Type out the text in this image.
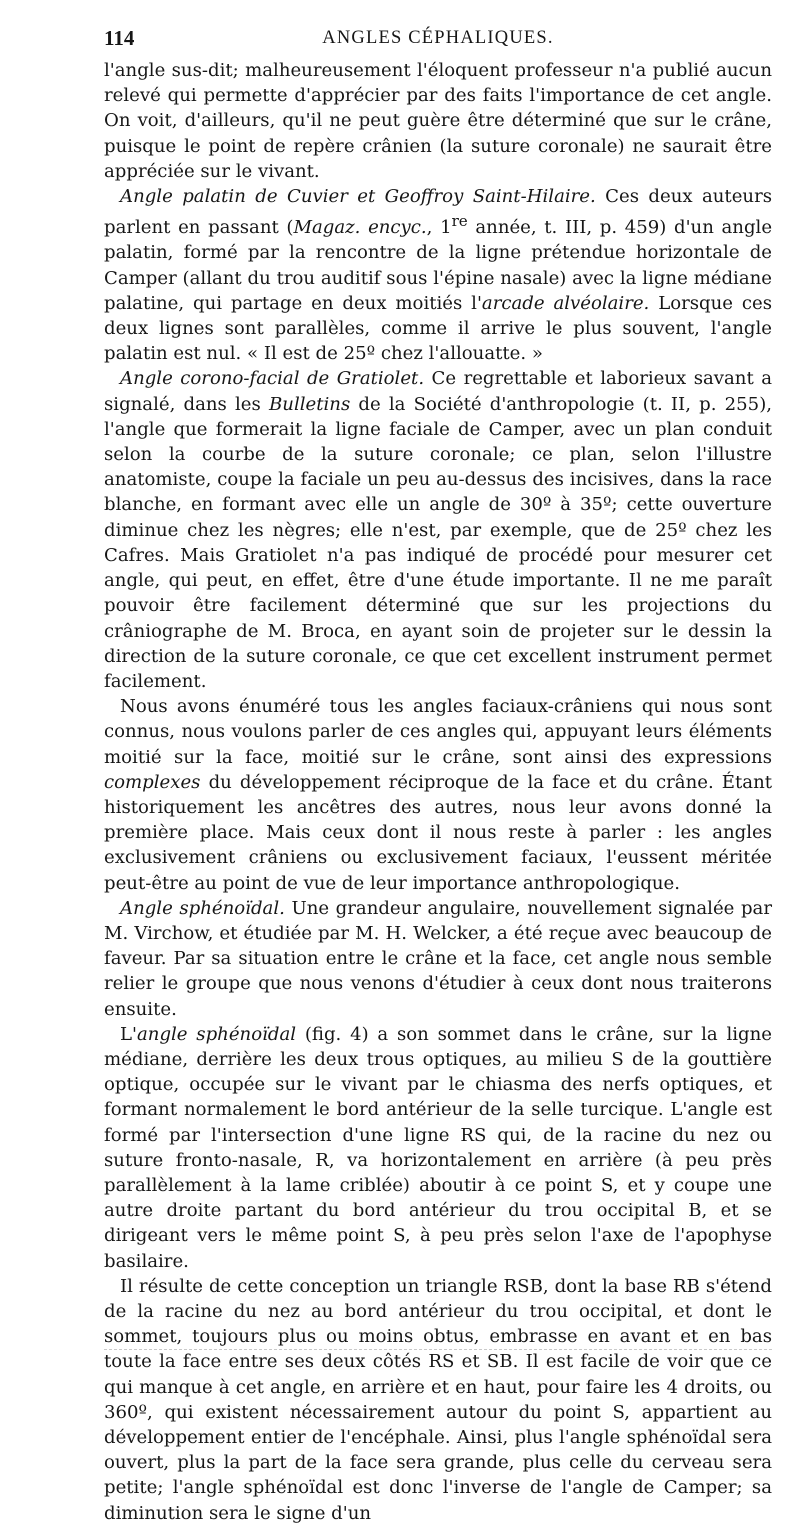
114	ANGLES CÉPHALIQUES.

l'angle sus-dit; malheureusement l'éloquent professeur n'a publié aucun relevé qui permette d'apprécier par des faits l'importance de cet angle. On voit, d'ailleurs, qu'il ne peut guère être déterminé que sur le crâne, puisque le point de repère crânien (la suture coronale) ne saurait être appréciée sur le vivant.

Angle palatin de Cuvier et Geoffroy Saint-Hilaire. Ces deux auteurs parlent en passant (Magaz. encyc., 1re année, t. III, p. 459) d'un angle palatin, formé par la rencontre de la ligne prétendue horizontale de Camper (allant du trou auditif sous l'épine nasale) avec la ligne médiane palatine, qui partage en deux moitiés l'arcade alvéolaire. Lorsque ces deux lignes sont parallèles, comme il arrive le plus souvent, l'angle palatin est nul. « Il est de 25º chez l'allouatte. »

Angle corono-facial de Gratiolet. Ce regrettable et laborieux savant a signalé, dans les Bulletins de la Société d'anthropologie (t. II, p. 255), l'angle que formerait la ligne faciale de Camper, avec un plan conduit selon la courbe de la suture coronale; ce plan, selon l'illustre anatomiste, coupe la faciale un peu au-dessus des incisives, dans la race blanche, en formant avec elle un angle de 30º à 35º; cette ouverture diminue chez les nègres; elle n'est, par exemple, que de 25º chez les Cafres. Mais Gratiolet n'a pas indiqué de procédé pour mesurer cet angle, qui peut, en effet, être d'une étude importante. Il ne me paraît pouvoir être facilement déterminé que sur les projections du crâniographe de M. Broca, en ayant soin de projeter sur le dessin la direction de la suture coronale, ce que cet excellent instrument permet facilement.

Nous avons énuméré tous les angles faciaux-crâniens qui nous sont connus, nous voulons parler de ces angles qui, appuyant leurs éléments moitié sur la face, moitié sur le crâne, sont ainsi des expressions complexes du développement réciproque de la face et du crâne. Étant historiquement les ancêtres des autres, nous leur avons donné la première place. Mais ceux dont il nous reste à parler : les angles exclusivement crâniens ou exclusivement faciaux, l'eussent méritée peut-être au point de vue de leur importance anthropologique.

Angle sphénoïdal. Une grandeur angulaire, nouvellement signalée par M. Virchow, et étudiée par M. H. Welcker, a été reçue avec beaucoup de faveur. Par sa situation entre le crâne et la face, cet angle nous semble relier le groupe que nous venons d'étudier à ceux dont nous traiterons ensuite.

L'angle sphénoïdal (fig. 4) a son sommet dans le crâne, sur la ligne médiane, derrière les deux trous optiques, au milieu S de la gouttière optique, occupée sur le vivant par le chiasma des nerfs optiques, et formant normalement le bord antérieur de la selle turcique. L'angle est formé par l'intersection d'une ligne RS qui, de la racine du nez ou suture fronto-nasale, R, va horizontalement en arrière (à peu près parallèlement à la lame criblée) aboutir à ce point S, et y coupe une autre droite partant du bord antérieur du trou occipital B, et se dirigeant vers le même point S, à peu près selon l'axe de l'apophyse basilaire.

Il résulte de cette conception un triangle RSB, dont la base RB s'étend de la racine du nez au bord antérieur du trou occipital, et dont le sommet, toujours plus ou moins obtus, embrasse en avant et en bas toute la face entre ses deux côtés RS et SB. Il est facile de voir que ce qui manque à cet angle, en arrière et en haut, pour faire les 4 droits, ou 360º, qui existent nécessairement autour du point S, appartient au développement entier de l'encéphale. Ainsi, plus l'angle sphénoïdal sera ouvert, plus la part de la face sera grande, plus celle du cerveau sera petite; l'angle sphénoïdal est donc l'inverse de l'angle de Camper; sa diminution sera le signe d'un
